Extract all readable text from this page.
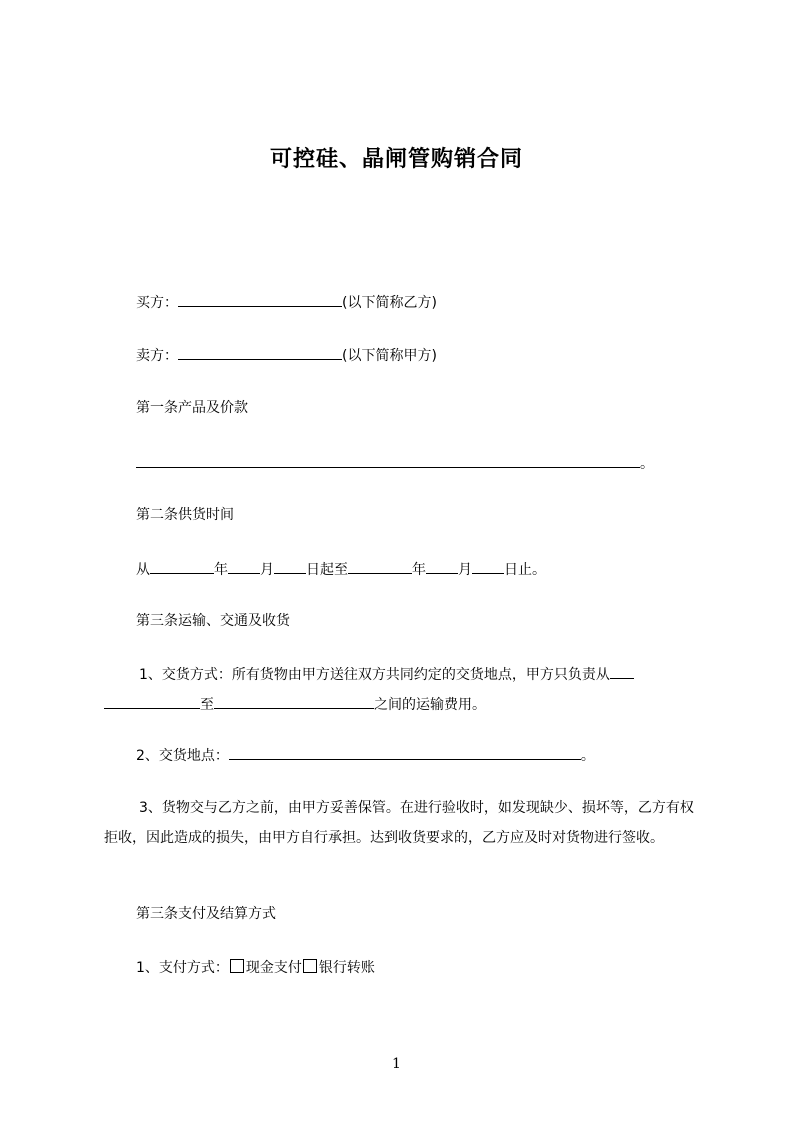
可控硅、晶闸管购销合同
买方：	(以下简称乙方)
卖方：	(以下简称甲方)
第一条产品及价款
。
第二条供货时间
从	年 月 日起至	年 月 日止。
第三条运输、交通及收货
1、交货方式：所有货物由甲方送往双方共同约定的交货地点，甲方只负责从
至	之间的运输费用。
2、交货地点：	。
3、货物交与乙方之前，由甲方妥善保管。在进行验收时，如发现缺少、损坏等，乙方有权拒收，因此造成的损失，由甲方自行承担。达到收货要求的，乙方应及时对货物进行签收。
第三条支付及结算方式
1、支付方式： 现金支付 银行转账
1
